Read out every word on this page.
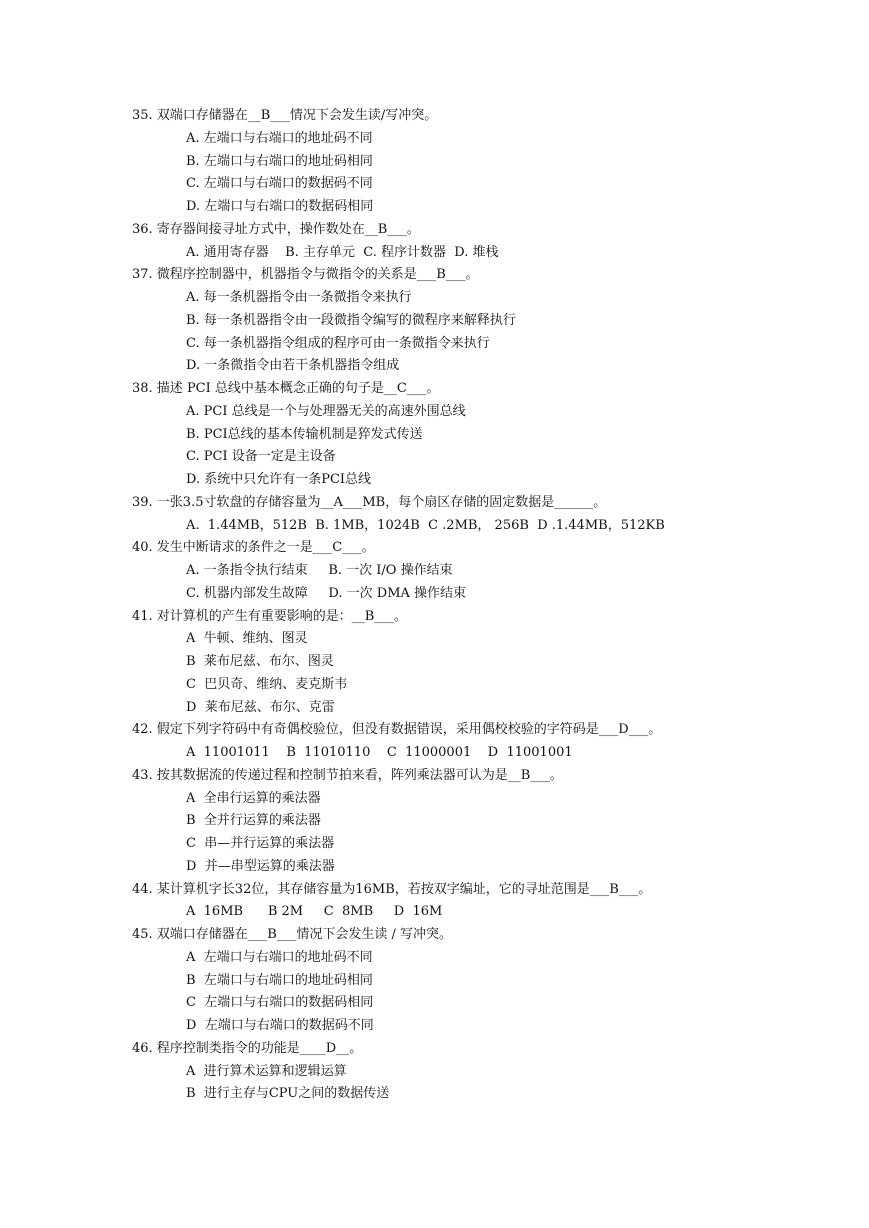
35. 双端口存储器在__B___情况下会发生读/写冲突。
A. 左端口与右端口的地址码不同
B. 左端口与右端口的地址码相同
C. 左端口与右端口的数据码不同
D. 左端口与右端口的数据码相同
36. 寄存器间接寻址方式中，操作数处在__B___。
A. 通用寄存器    B. 主存单元  C. 程序计数器  D. 堆栈
37. 微程序控制器中，机器指令与微指令的关系是___B___。
A. 每一条机器指令由一条微指令来执行
B. 每一条机器指令由一段微指令编写的微程序来解释执行
C. 每一条机器指令组成的程序可由一条微指令来执行
D. 一条微指令由若干条机器指令组成
38. 描述 PCI 总线中基本概念正确的句子是__C___。
A. PCI 总线是一个与处理器无关的高速外围总线
B. PCI总线的基本传输机制是猝发式传送
C. PCI 设备一定是主设备
D. 系统中只允许有一条PCI总线
39. 一张3.5寸软盘的存储容量为__A___MB，每个扇区存储的固定数据是______。
A.  1.44MB，512B  B. 1MB，1024B  C .2MB， 256B  D .1.44MB，512KB
40. 发生中断请求的条件之一是___C___。
A. 一条指令执行结束     B. 一次 I/O 操作结束
C. 机器内部发生故障     D. 一次 DMA 操作结束
41. 对计算机的产生有重要影响的是：__B___。
A  牛顿、维纳、图灵
B  莱布尼兹、布尔、图灵
C  巴贝奇、维纳、麦克斯韦
D  莱布尼兹、布尔、克雷
42. 假定下列字符码中有奇偶校验位，但没有数据错误，采用偶校校验的字符码是___D___。
A  11001011    B  11010110    C  11000001    D  11001001
43. 按其数据流的传递过程和控制节拍来看，阵列乘法器可认为是__B___。
A  全串行运算的乘法器
B  全并行运算的乘法器
C  串—并行运算的乘法器
D  并—串型运算的乘法器
44. 某计算机字长32位，其存储容量为16MB，若按双字编址，它的寻址范围是___B___。
A  16MB      B 2M     C  8MB     D  16M
45. 双端口存储器在___B___情况下会发生读 / 写冲突。
A  左端口与右端口的地址码不同
B  左端口与右端口的地址码相同
C  左端口与右端口的数据码相同
D  左端口与右端口的数据码不同
46. 程序控制类指令的功能是____D__。
A  进行算术运算和逻辑运算
B  进行主存与CPU之间的数据传送
